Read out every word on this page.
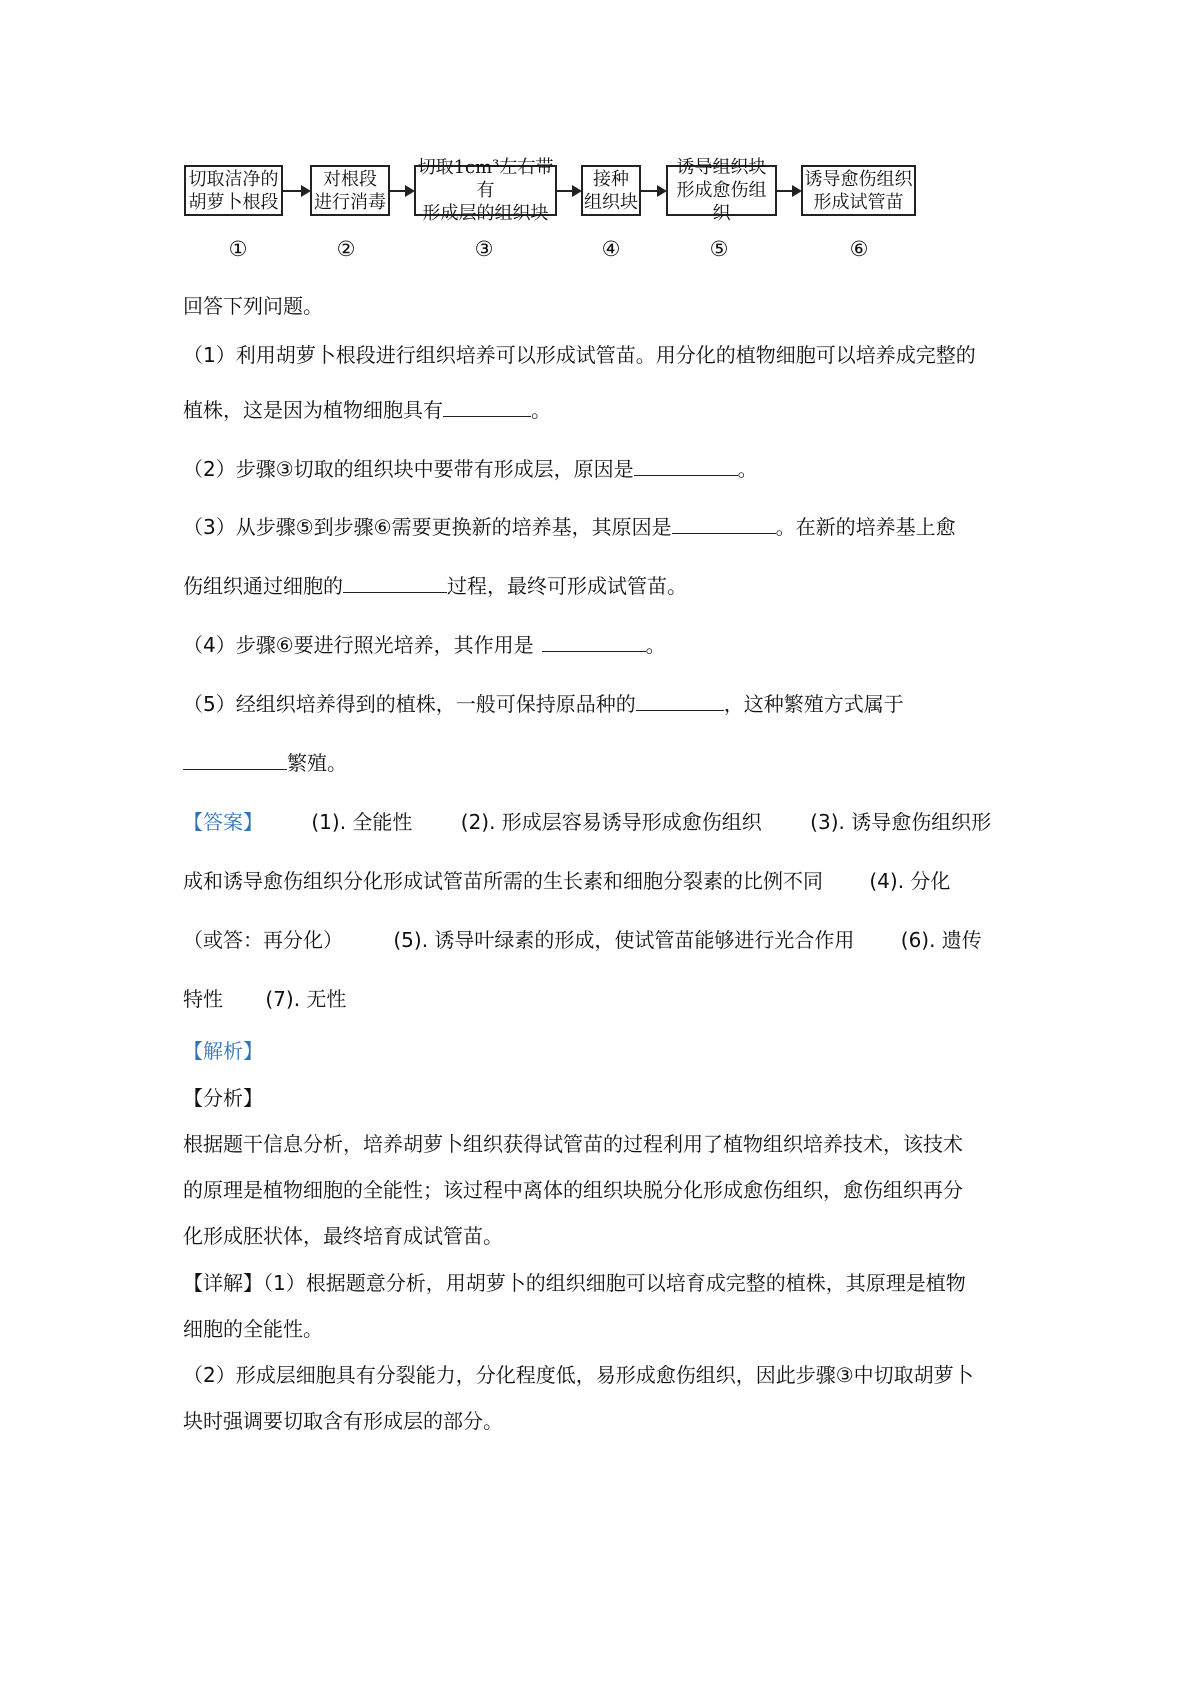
切取洁净的
胡萝卜根段
对根段
进行消毒
切取1cm³左右带有
形成层的组织块
接种
组织块
诱导组织块
形成愈伤组织
诱导愈伤组织
形成试管苗
①	②	③	④	⑤	⑥
回答下列问题。
（1）利用胡萝卜根段进行组织培养可以形成试管苗。用分化的植物细胞可以培养成完整的
植株，这是因为植物细胞具有	。
（2）步骤③切取的组织块中要带有形成层，原因是	。
（3）从步骤⑤到步骤⑥需要更换新的培养基，其原因是	。在新的培养基上愈
伤组织通过细胞的	过程，最终可形成试管苗。
（4）步骤⑥要进行照光培养，其作用是	。
（5）经组织培养得到的植株，一般可保持原品种的	，这种繁殖方式属于
繁殖。
【答案】 (1). 全能性 (2). 形成层容易诱导形成愈伤组织 (3). 诱导愈伤组织形
成和诱导愈伤组织分化形成试管苗所需的生长素和细胞分裂素的比例不同 (4). 分化
（或答：再分化）	(5). 诱导叶绿素的形成，使试管苗能够进行光合作用 (6). 遗传
特性 (7). 无性
【解析】
【分析】
根据题干信息分析，培养胡萝卜组织获得试管苗的过程利用了植物组织培养技术，该技术
的原理是植物细胞的全能性；该过程中离体的组织块脱分化形成愈伤组织，愈伤组织再分
化形成胚状体，最终培育成试管苗。
【详解】（1）根据题意分析，用胡萝卜的组织细胞可以培育成完整的植株，其原理是植物
细胞的全能性。
（2）形成层细胞具有分裂能力，分化程度低，易形成愈伤组织，因此步骤③中切取胡萝卜
块时强调要切取含有形成层的部分。
